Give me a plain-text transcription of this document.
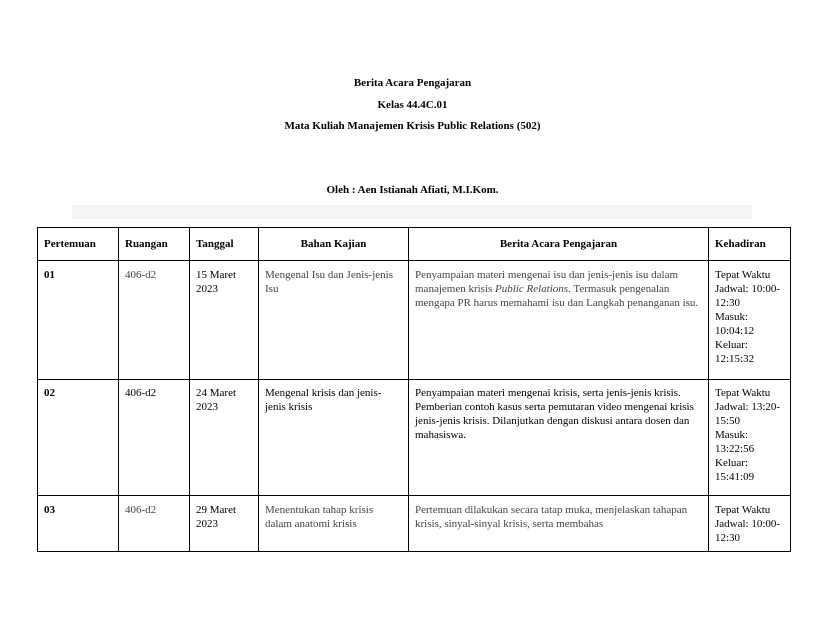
Berita Acara Pengajaran
Kelas 44.4C.01
Mata Kuliah Manajemen Krisis Public Relations (502)
Oleh : Aen Istianah Afiati, M.I.Kom.
Pertemuan	Ruangan	Tanggal	Bahan Kajian	Berita Acara Pengajaran	Kehadiran
01	406-d2	15 Maret 2023	Mengenal Isu dan Jenis-jenis Isu	Penyampaian materi mengenai isu dan jenis-jenis isu dalam manajemen krisis Public Relations. Termasuk pengenalan mengapa PR harus memahami isu dan Langkah penanganan isu.	Tepat Waktu
Jadwal: 10:00-12:30
Masuk: 10:04:12
Keluar: 12:15:32

02	406-d2	24 Maret 2023	Mengenal krisis dan jenis-jenis krisis	Penyampaian materi mengenai krisis, serta jenis-jenis krisis. Pemberian contoh kasus serta pemutaran video mengenai krisis jenis-jenis krisis. Dilanjutkan dengan diskusi antara dosen dan mahasiswa.	Tepat Waktu
Jadwal: 13:20-15:50
Masuk: 13:22:56
Keluar: 15:41:09

03	406-d2	29 Maret 2023	Menentukan tahap krisis dalam anatomi krisis	Pertemuan dilakukan secara tatap muka, menjelaskan tahapan krisis, sinyal-sinyal krisis, serta membahas	Tepat Waktu
Jadwal: 10:00-12:30
